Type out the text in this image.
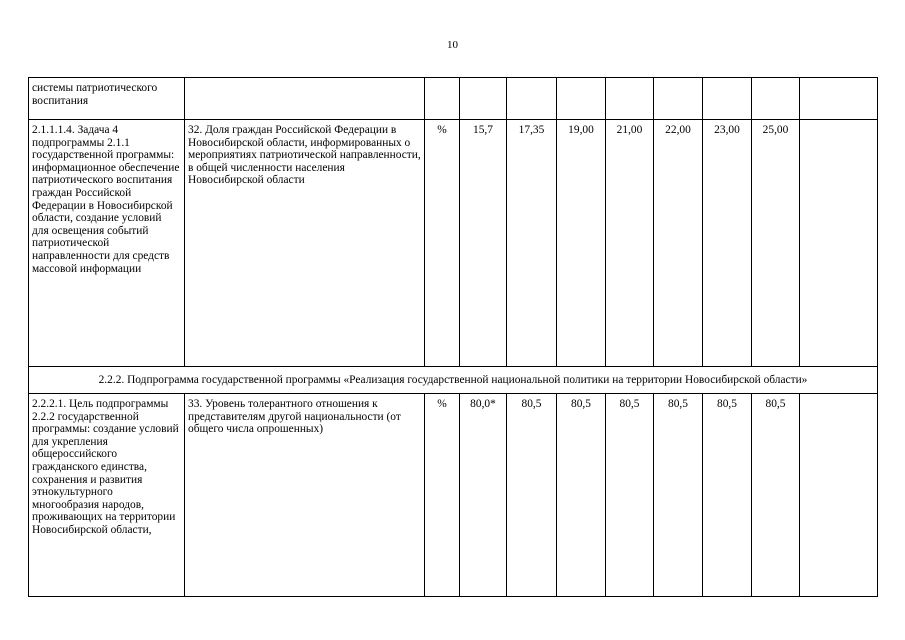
10
системы патриотического воспитания										
2.1.1.1.4. Задача 4 подпрограммы 2.1.1 государственной программы: информационное обеспечение патриотического воспитания граждан Российской Федерации в Новосибирской области, создание условий для освещения событий патриотической направленности для средств массовой информации	32. Доля граждан Российской Федерации в Новосибирской области, информированных о мероприятиях патриотической направленности, в общей численности населения Новосибирской области	%	15,7	17,35	19,00	21,00	22,00	23,00	25,00	
2.2.2. Подпрограмма государственной программы «Реализация государственной национальной политики на территории Новосибирской области»										
2.2.2.1. Цель подпрограммы 2.2.2 государственной программы: создание условий для укрепления общероссийского гражданского единства, сохранения и развития этнокультурного многообразия народов, проживающих на территории Новосибирской области,	33. Уровень толерантного отношения к представителям другой национальности (от общего числа опрошенных)	%	80,0*	80,5	80,5	80,5	80,5	80,5	80,5	
